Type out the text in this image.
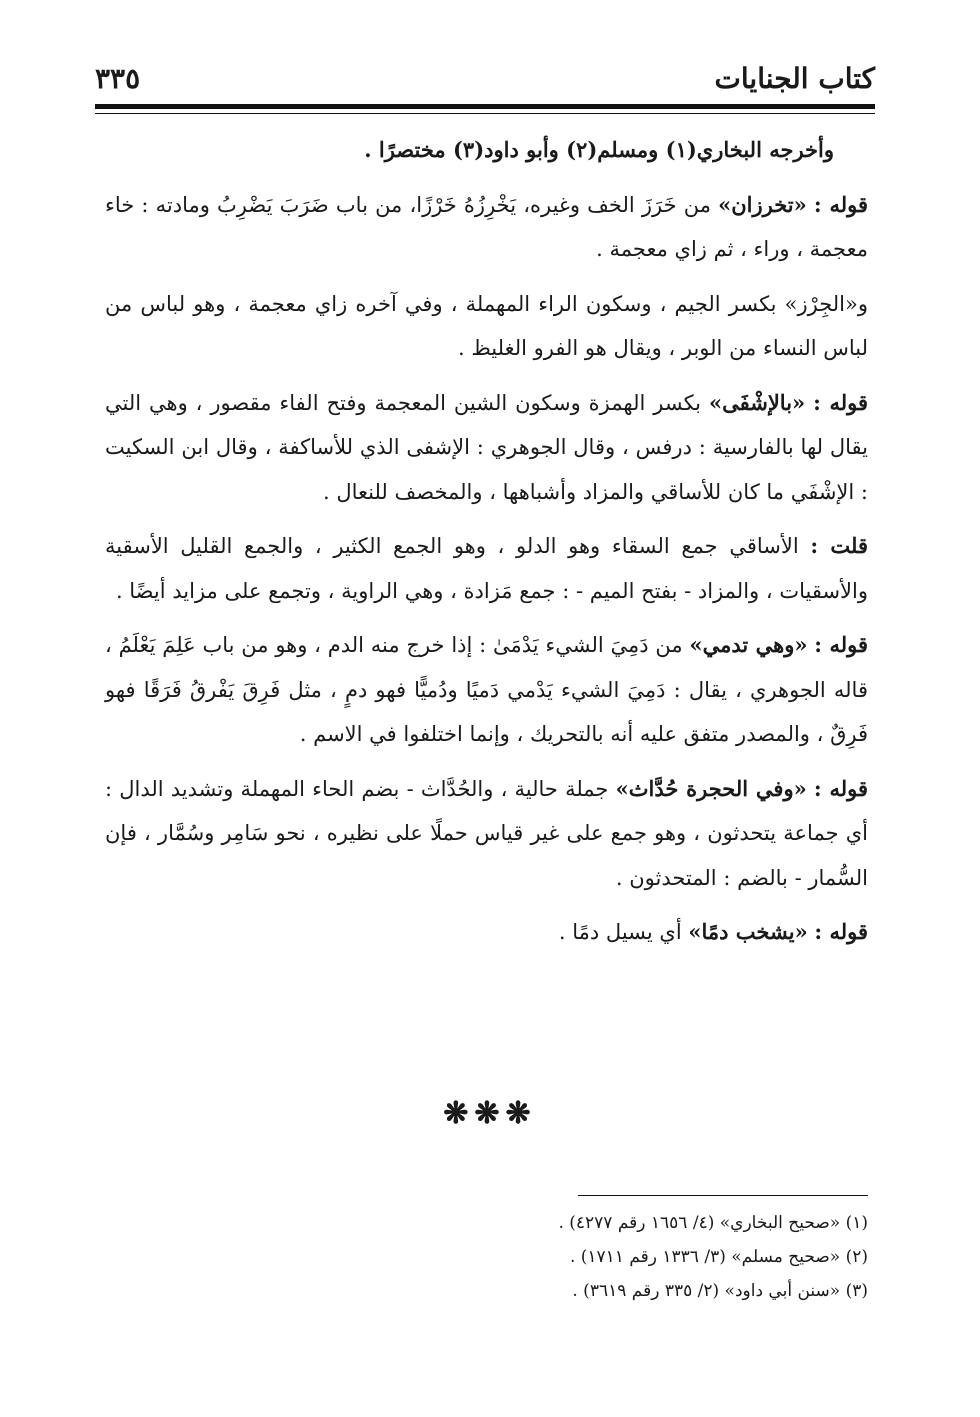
كتاب الجنايات
٣٣٥

وأخرجه البخاري(١) ومسلم(٢) وأبو داود(٣) مختصرًا .

قوله : «تخرزان» من خَرَزَ الخف وغيره، يَخْرِزُهُ خَرْزًا، من باب ضَرَبَ يَضْرِبُ ومادته : خاء معجمة ، وراء ، ثم زاي معجمة .

و«الجِرْز» بكسر الجيم ، وسكون الراء المهملة ، وفي آخره زاي معجمة ، وهو لباس من لباس النساء من الوبر ، ويقال هو الفرو الغليظ .

قوله : «بالإشْفَى» بكسر الهمزة وسكون الشين المعجمة وفتح الفاء مقصور ، وهي التي يقال لها بالفارسية : درفس ، وقال الجوهري : الإشفى الذي للأساكفة ، وقال ابن السكيت : الإشْفَي ما كان للأساقي والمزاد وأشباهها ، والمخصف للنعال .

قلت : الأساقي جمع السقاء وهو الدلو ، وهو الجمع الكثير ، والجمع القليل الأسقية والأسقيات ، والمزاد - بفتح الميم - : جمع مَزادة ، وهي الراوية ، وتجمع على مزايد أيضًا .

قوله : «وهي تدمي» من دَمِيَ الشيء يَدْمَىٰ : إذا خرج منه الدم ، وهو من باب عَلِمَ يَعْلَمُ ، قاله الجوهري ، يقال : دَمِيَ الشيء يَدْمي دَميًا ودُميًّا فهو دمٍ ، مثل فَرِقَ يَفْرقُ فَرَقًا فهو فَرِقٌ ، والمصدر متفق عليه أنه بالتحريك ، وإنما اختلفوا في الاسم .

قوله : «وفي الحجرة حُدَّاث» جملة حالية ، والحُدَّاث - بضم الحاء المهملة وتشديد الدال : أي جماعة يتحدثون ، وهو جمع على غير قياس حملًا على نظيره ، نحو سَامِر وسُمَّار ، فإن السُّمار - بالضم : المتحدثون .

قوله : «يشخب دمًا» أي يسيل دمًا .

❋❋❋

(١) «صحيح البخاري» (٤/ ١٦٥٦ رقم ٤٢٧٧) .

(٢) «صحيح مسلم» (٣/ ١٣٣٦ رقم ١٧١١) .

(٣) «سنن أبي داود» (٢/ ٣٣٥ رقم ٣٦١٩) .
